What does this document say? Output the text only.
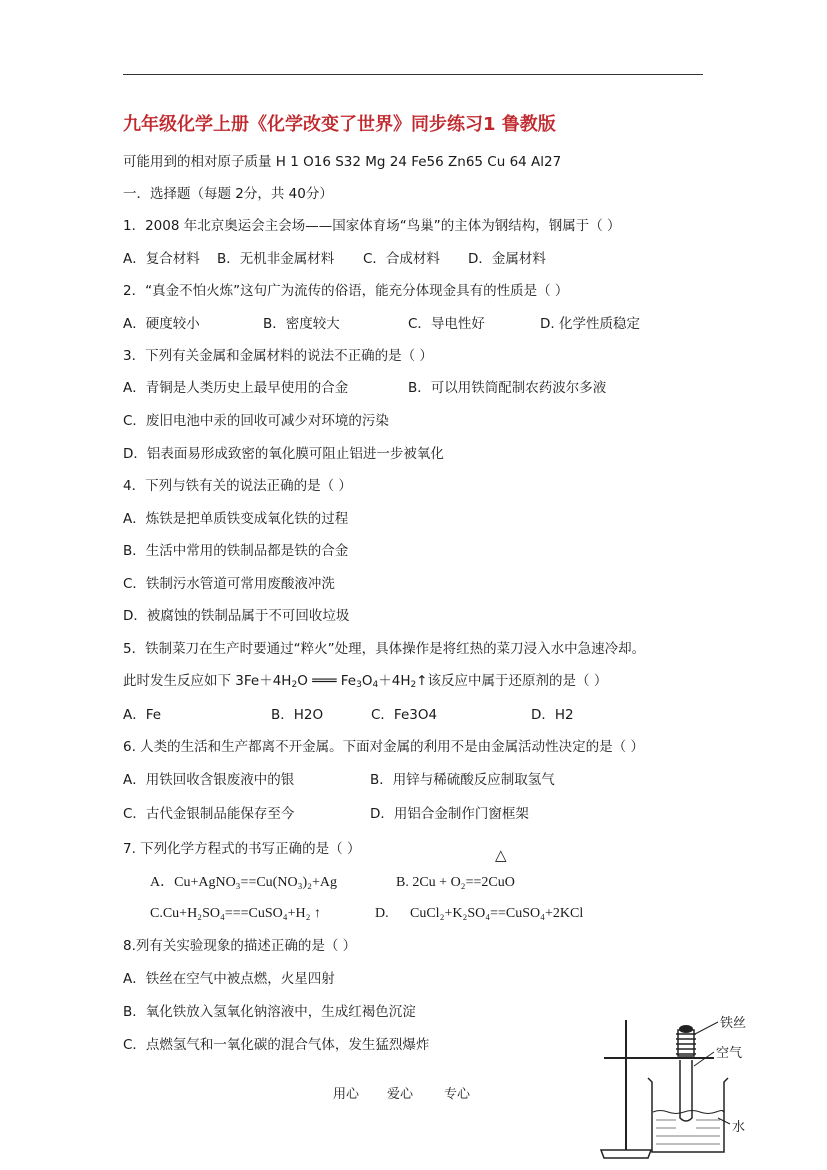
九年级化学上册《化学改变了世界》同步练习1 鲁教版
可能用到的相对原子质量 H 1 O16 S32 Mg 24 Fe56 Zn65 Cu 64 Al27
一．选择题（每题 2分，共 40分）
1．2008 年北京奥运会主会场——国家体育场“鸟巢”的主体为钢结构，钢属于（ ）
A．复合材料 B．无机非金属材料 C．合成材料 D．金属材料
2．“真金不怕火炼”这句广为流传的俗语，能充分体现金具有的性质是（ ）
A．硬度较小	B．密度较大	C．导电性好	D. 化学性质稳定
3．下列有关金属和金属材料的说法不正确的是（ ）
A．青铜是人类历史上最早使用的合金	B．可以用铁筒配制农药波尔多液
C．废旧电池中汞的回收可减少对环境的污染
D．铝表面易形成致密的氧化膜可阻止铝进一步被氧化
4．下列与铁有关的说法正确的是（ ）
A．炼铁是把单质铁变成氧化铁的过程
B．生活中常用的铁制品都是铁的合金
C．铁制污水管道可常用废酸液冲洗
D．被腐蚀的铁制品属于不可回收垃圾
5．铁制菜刀在生产时要通过“粹火”处理，具体操作是将红热的菜刀浸入水中急速冷却。
此时发生反应如下 $3Fe+4H_2O$ ═══ $Fe_3O_4+4H_2↑$该反应中属于还原剂的是（ ）
A．Fe	B．H2O	C．Fe3O4	D．H2
6. 人类的生活和生产都离不开金属。下面对金属的利用不是由金属活动性决定的是（ ）
A．用铁回收含银废液中的银	B．用锌与稀硫酸反应制取氢气
C．古代金银制品能保存至今	D．用铝合金制作门窗框架
7. 下列化学方程式的书写正确的是（ ）	△
A．Cu+AgNO₃==Cu(NO₃)₂+Ag	B. 2Cu + O₂==2CuO
C.Cu+H₂SO₄===CuSO₄+H₂ ↑	D. CuCl₂+K₂SO₄==CuSO₄+2KCl
8.列有关实验现象的描述正确的是（ ）
A．铁丝在空气中被点燃，火星四射
B．氧化铁放入氢氧化钠溶液中，生成红褐色沉淀
C．点燃氢气和一氧化碳的混合气体，发生猛烈爆炸
铁丝
空气
水
用心 爱心 专心
